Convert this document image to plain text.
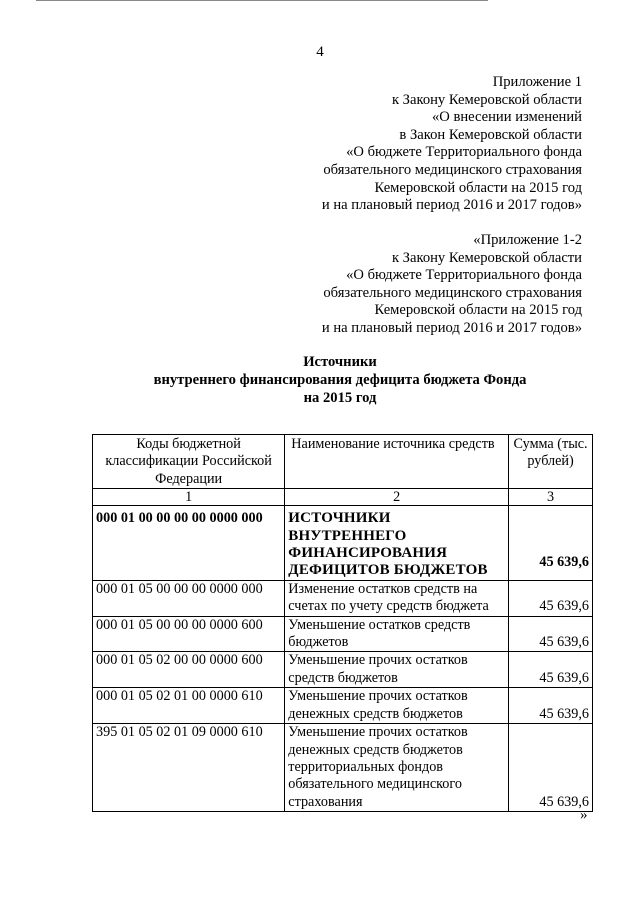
4
Приложение 1
к Закону Кемеровской области
«О внесении изменений
в Закон Кемеровской области
«О бюджете Территориального фонда
обязательного медицинского страхования
Кемеровской области на 2015 год
и на плановый период 2016 и 2017 годов»
«Приложение 1-2
к Закону Кемеровской области
«О бюджете Территориального фонда
обязательного медицинского страхования
Кемеровской области на 2015 год
и на плановый период 2016 и 2017 годов»
Источники
внутреннего финансирования дефицита бюджета Фонда
на 2015 год
Коды бюджетной классификации Российской Федерации	Наименование источника средств	Сумма (тыс. рублей)
1	2	3
000 01 00 00 00 00 0000 000	ИСТОЧНИКИ ВНУТРЕННЕГО ФИНАНСИРОВАНИЯ ДЕФИЦИТОВ БЮДЖЕТОВ	45 639,6
000 01 05 00 00 00 0000 000	Изменение остатков средств на счетах по учету средств бюджета	45 639,6
000 01 05 00 00 00 0000 600	Уменьшение остатков средств бюджетов	45 639,6
000 01 05 02 00 00 0000 600	Уменьшение прочих остатков средств бюджетов	45 639,6
000 01 05 02 01 00 0000 610	Уменьшение прочих остатков денежных средств бюджетов	45 639,6
395 01 05 02 01 09 0000 610	Уменьшение прочих остатков денежных средств бюджетов территориальных фондов обязательного медицинского страхования	45 639,6
»
